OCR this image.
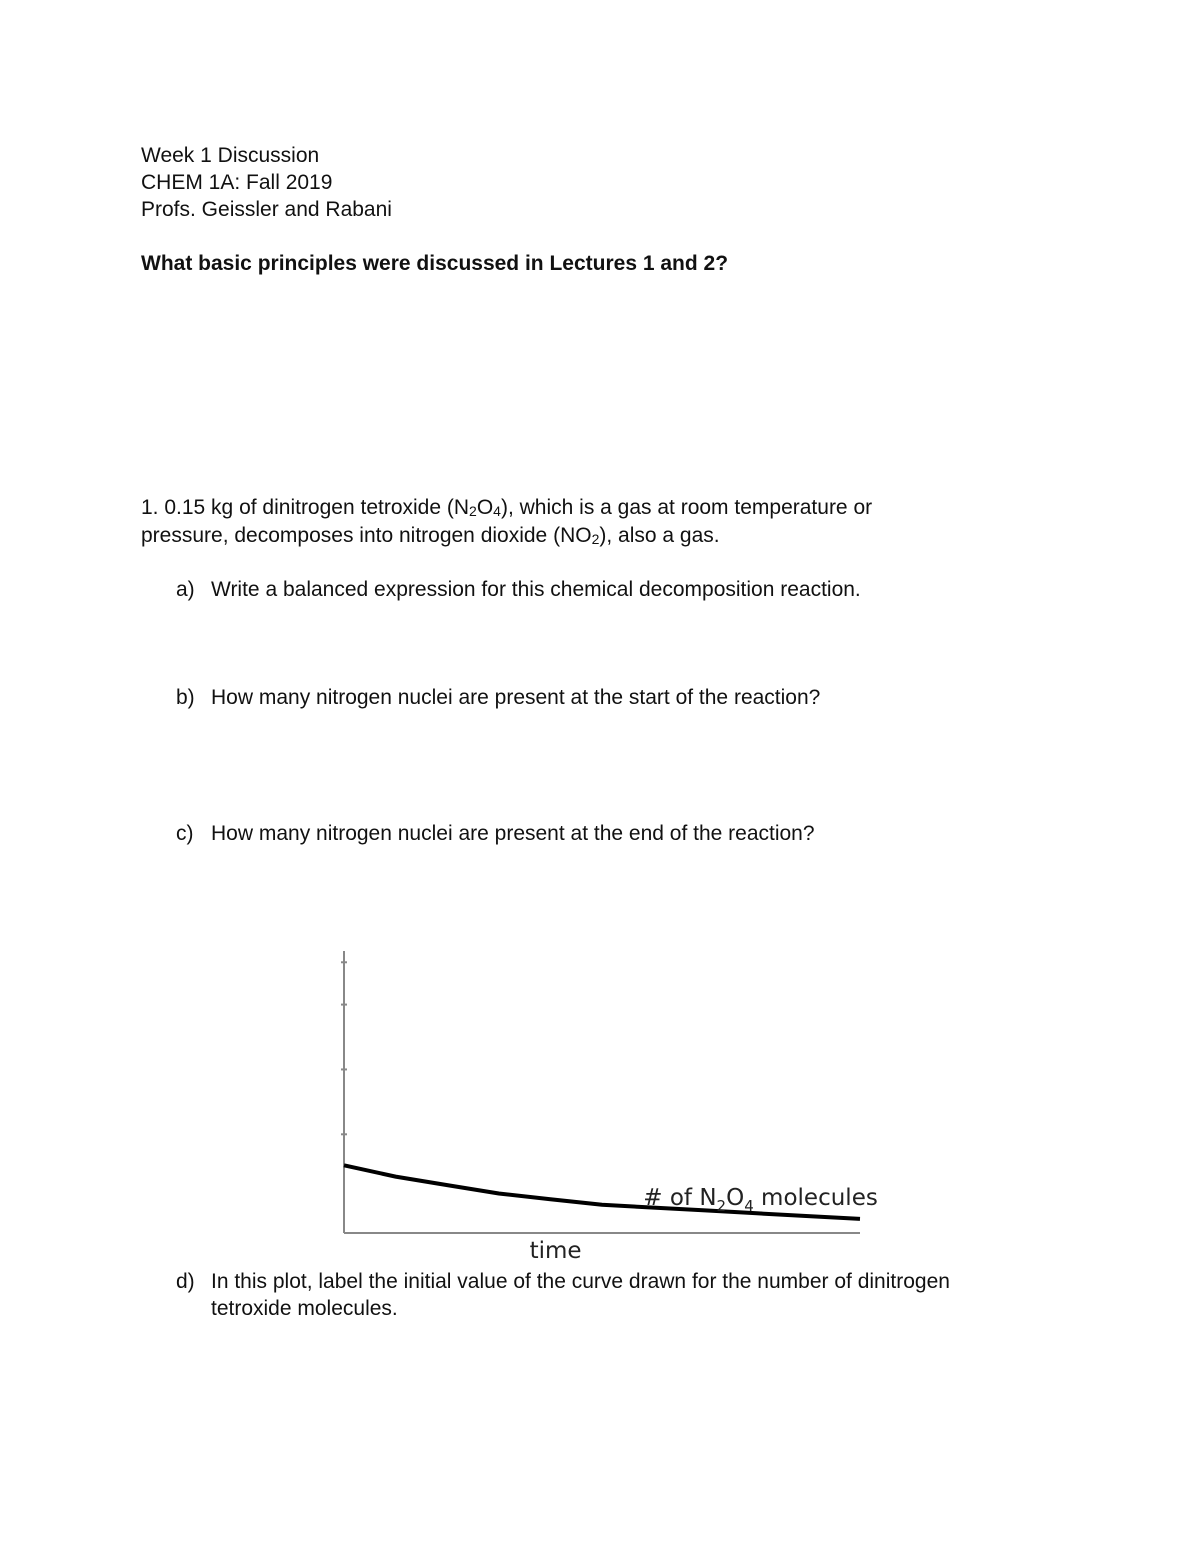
Week 1 Discussion
CHEM 1A: Fall 2019
Profs. Geissler and Rabani
What basic principles were discussed in Lectures 1 and 2?
1. 0.15 kg of dinitrogen tetroxide $(N_2O_4)$, which is a gas at room temperature or
pressure, decomposes into nitrogen dioxide $(NO_2)$, also a gas.
a) Write a balanced expression for this chemical decomposition reaction.
b) How many nitrogen nuclei are present at the start of the reaction?
c) How many nitrogen nuclei are present at the end of the reaction?
# of $N_2O_4$ molecules
time
d) In this plot, label the initial value of the curve drawn for the number of dinitrogen
tetroxide molecules.
